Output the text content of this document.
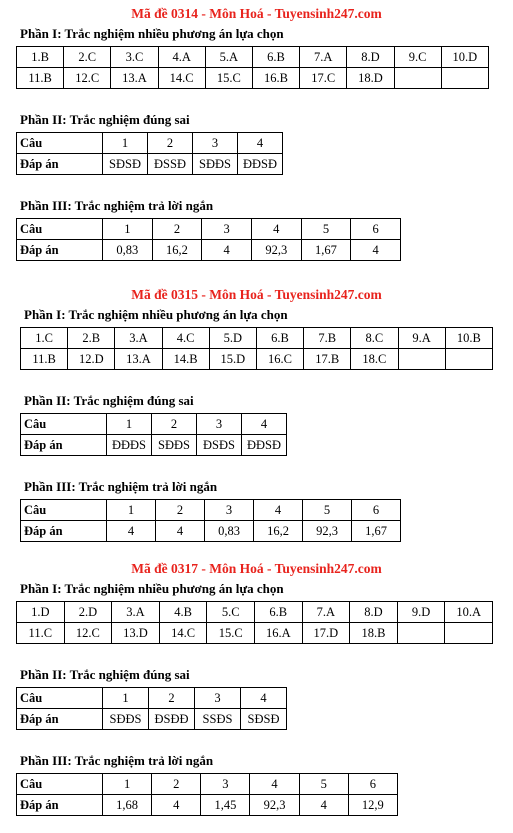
Mã đề 0314 - Môn Hoá - Tuyensinh247.com
Phần I: Trắc nghiệm nhiều phương án lựa chọn
1.B	2.C	3.C	4.A	5.A	6.B	7.A	8.D	9.C	10.D
11.B	12.C	13.A	14.C	15.C	16.B	17.C	18.D		
Phần II: Trắc nghiệm đúng sai
Câu	1	2	3	4
Đáp án	SĐSĐ	ĐSSĐ	SĐĐS	ĐĐSĐ
Phần III: Trắc nghiệm trả lời ngắn
Câu	1	2	3	4	5	6
Đáp án	0,83	16,2	4	92,3	1,67	4
Mã đề 0315 - Môn Hoá - Tuyensinh247.com
Phần I: Trắc nghiệm nhiều phương án lựa chọn
1.C	2.B	3.A	4.C	5.D	6.B	7.B	8.C	9.A	10.B
11.B	12.D	13.A	14.B	15.D	16.C	17.B	18.C		
Phần II: Trắc nghiệm đúng sai
Câu	1	2	3	4
Đáp án	ĐĐĐS	SĐĐS	ĐSĐS	ĐĐSĐ
Phần III: Trắc nghiệm trả lời ngắn
Câu	1	2	3	4	5	6
Đáp án	4	4	0,83	16,2	92,3	1,67
Mã đề 0317 - Môn Hoá - Tuyensinh247.com
Phần I: Trắc nghiệm nhiều phương án lựa chọn
1.D	2.D	3.A	4.B	5.C	6.B	7.A	8.D	9.D	10.A
11.C	12.C	13.D	14.C	15.C	16.A	17.D	18.B		
Phần II: Trắc nghiệm đúng sai
Câu	1	2	3	4
Đáp án	SĐĐS	ĐSĐĐ	SSĐS	SĐSĐ
Phần III: Trắc nghiệm trả lời ngắn
Câu	1	2	3	4	5	6
Đáp án	1,68	4	1,45	92,3	4	12,9
